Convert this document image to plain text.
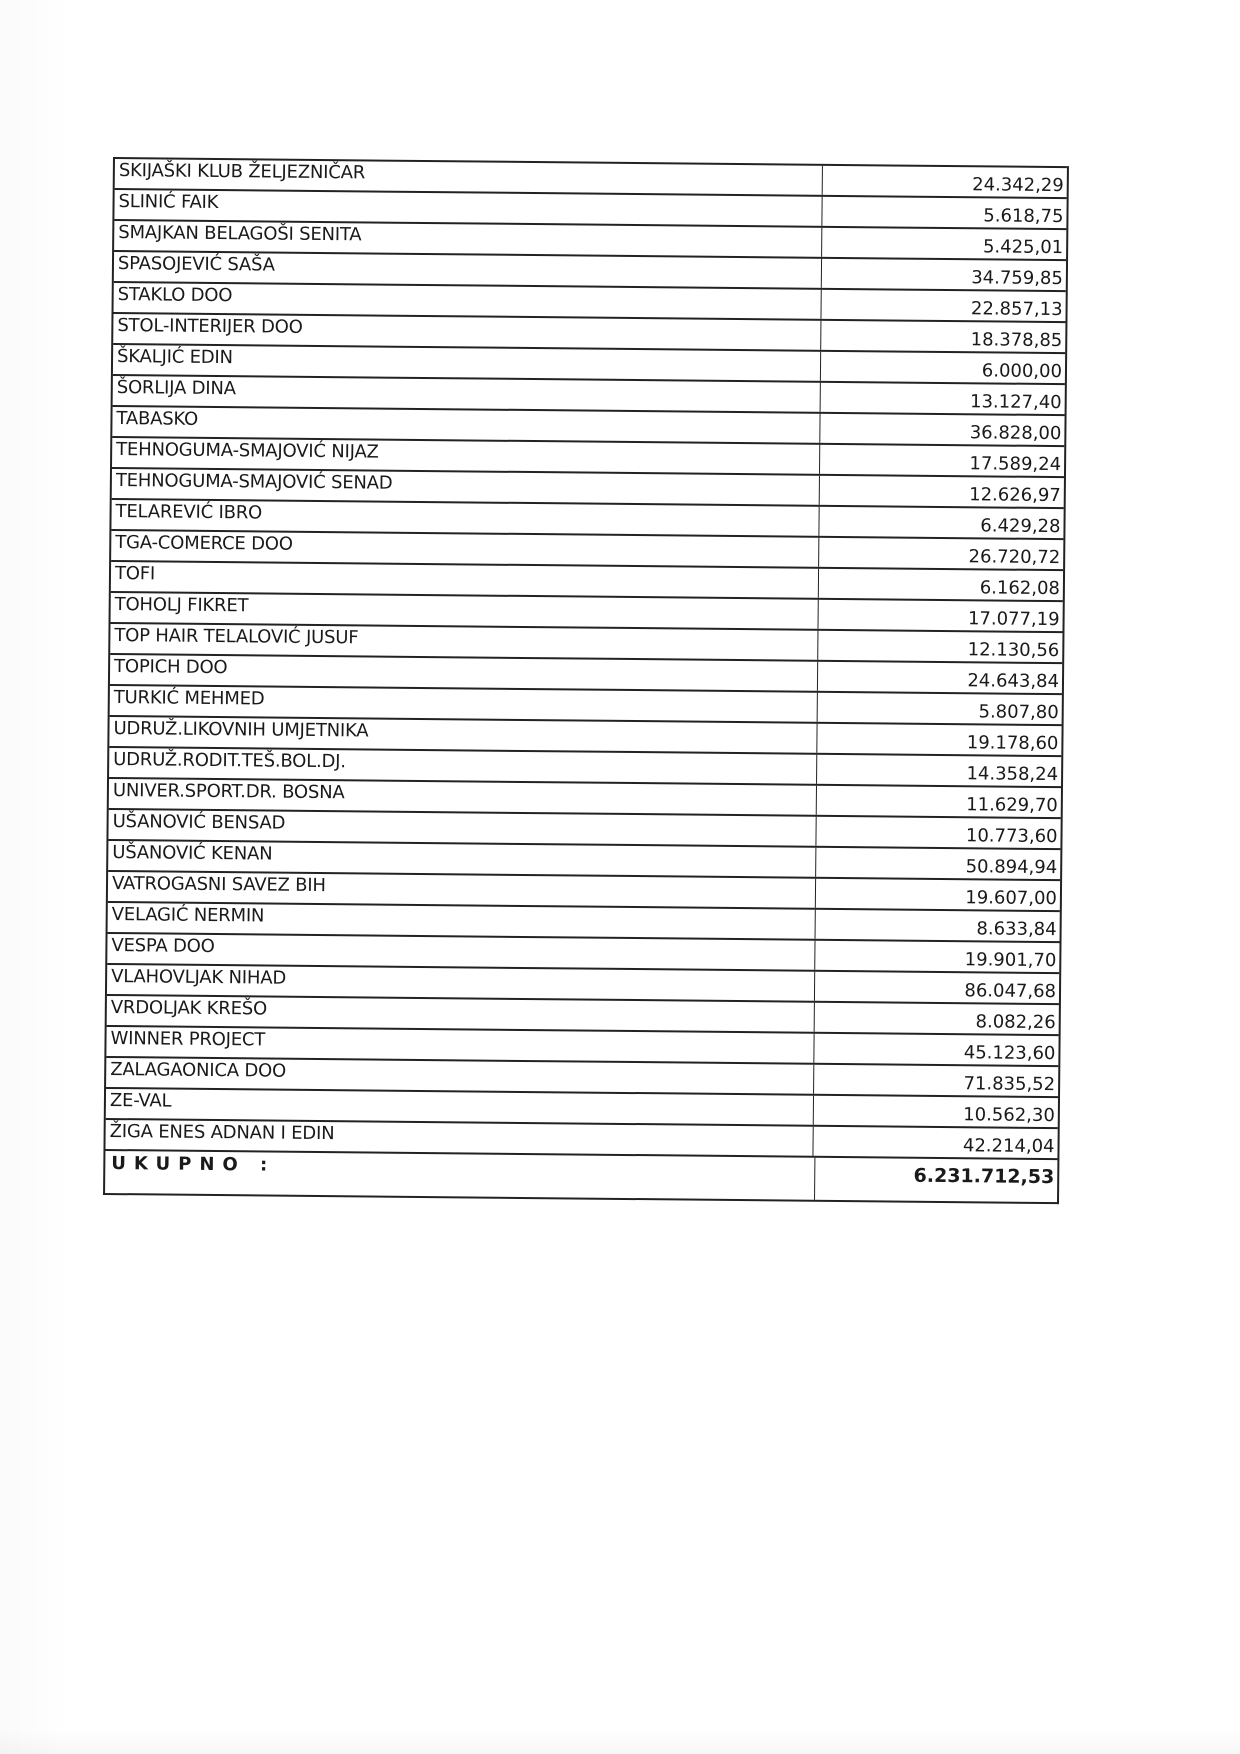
SKIJAŠKI KLUB ŽELJEZNIČAR
24.342,29
SLINIĆ FAIK
5.618,75
SMAJKAN BELAGOŠI SENITA
5.425,01
SPASOJEVIĆ SAŠA
34.759,85
STAKLO DOO
22.857,13
STOL-INTERIJER DOO
18.378,85
ŠKALJIĆ EDIN
6.000,00
ŠORLIJA DINA
13.127,40
TABASKO
36.828,00
TEHNOGUMA-SMAJOVIĆ NIJAZ
17.589,24
TEHNOGUMA-SMAJOVIĆ SENAD
12.626,97
TELAREVIĆ IBRO
6.429,28
TGA-COMERCE DOO
26.720,72
TOFI
6.162,08
TOHOLJ FIKRET
17.077,19
TOP HAIR TELALOVIĆ JUSUF
12.130,56
TOPICH DOO
24.643,84
TURKIĆ MEHMED
5.807,80
UDRUŽ.LIKOVNIH UMJETNIKA
19.178,60
UDRUŽ.RODIT.TEŠ.BOL.DJ.
14.358,24
UNIVER.SPORT.DR. BOSNA
11.629,70
UŠANOVIĆ BENSAD
10.773,60
UŠANOVIĆ KENAN
50.894,94
VATROGASNI SAVEZ BIH
19.607,00
VELAGIĆ NERMIN
8.633,84
VESPA DOO
19.901,70
VLAHOVLJAK NIHAD
86.047,68
VRDOLJAK KREŠO
8.082,26
WINNER PROJECT
45.123,60
ZALAGAONICA DOO
71.835,52
ZE-VAL
10.562,30
ŽIGA ENES ADNAN I EDIN
42.214,04
UKUPNO :
6.231.712,53
